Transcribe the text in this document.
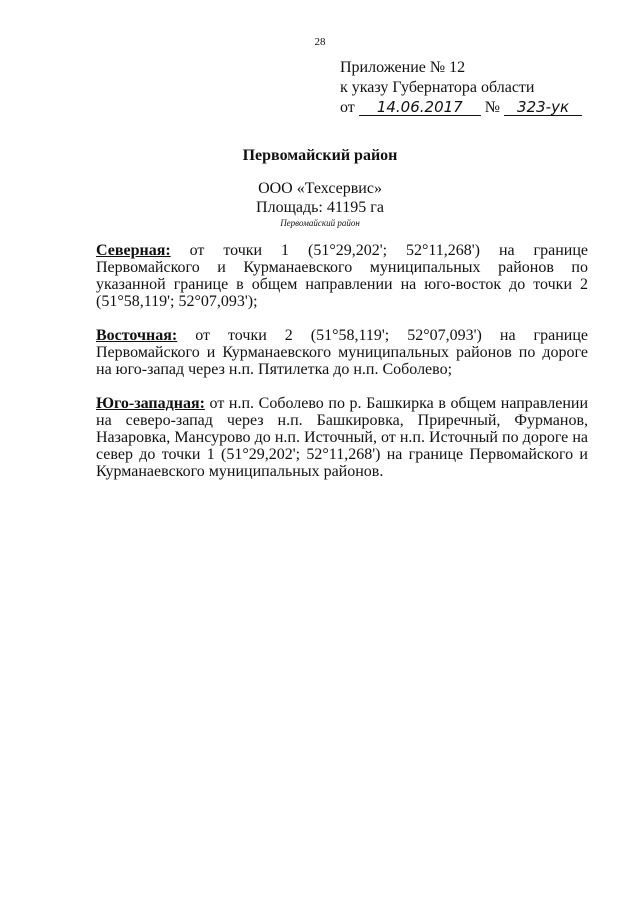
28
Приложение № 12
к указу Губернатора области
от 14.06.2017 № 323-ук
Первомайский район
ООО «Техсервис»
Площадь: 41195 га
Первомайский район

Северная: от точки 1 (51°29,202'; 52°11,268') на границе Первомайского и Курманаевского муниципальных районов по указанной границе в общем направлении на юго-восток до точки 2 (51°58,119'; 52°07,093');

Восточная: от точки 2 (51°58,119'; 52°07,093') на границе Первомайского и Курманаевского муниципальных районов по дороге на юго-запад через н.п. Пятилетка до н.п. Соболево;

Юго-западная: от н.п. Соболево по р. Башкирка в общем направлении на северо-запад через н.п. Башкировка, Приречный, Фурманов, Назаровка, Мансурово до н.п. Источный, от н.п. Источный по дороге на север до точки 1 (51°29,202'; 52°11,268') на границе Первомайского и Курманаевского муниципальных районов.
